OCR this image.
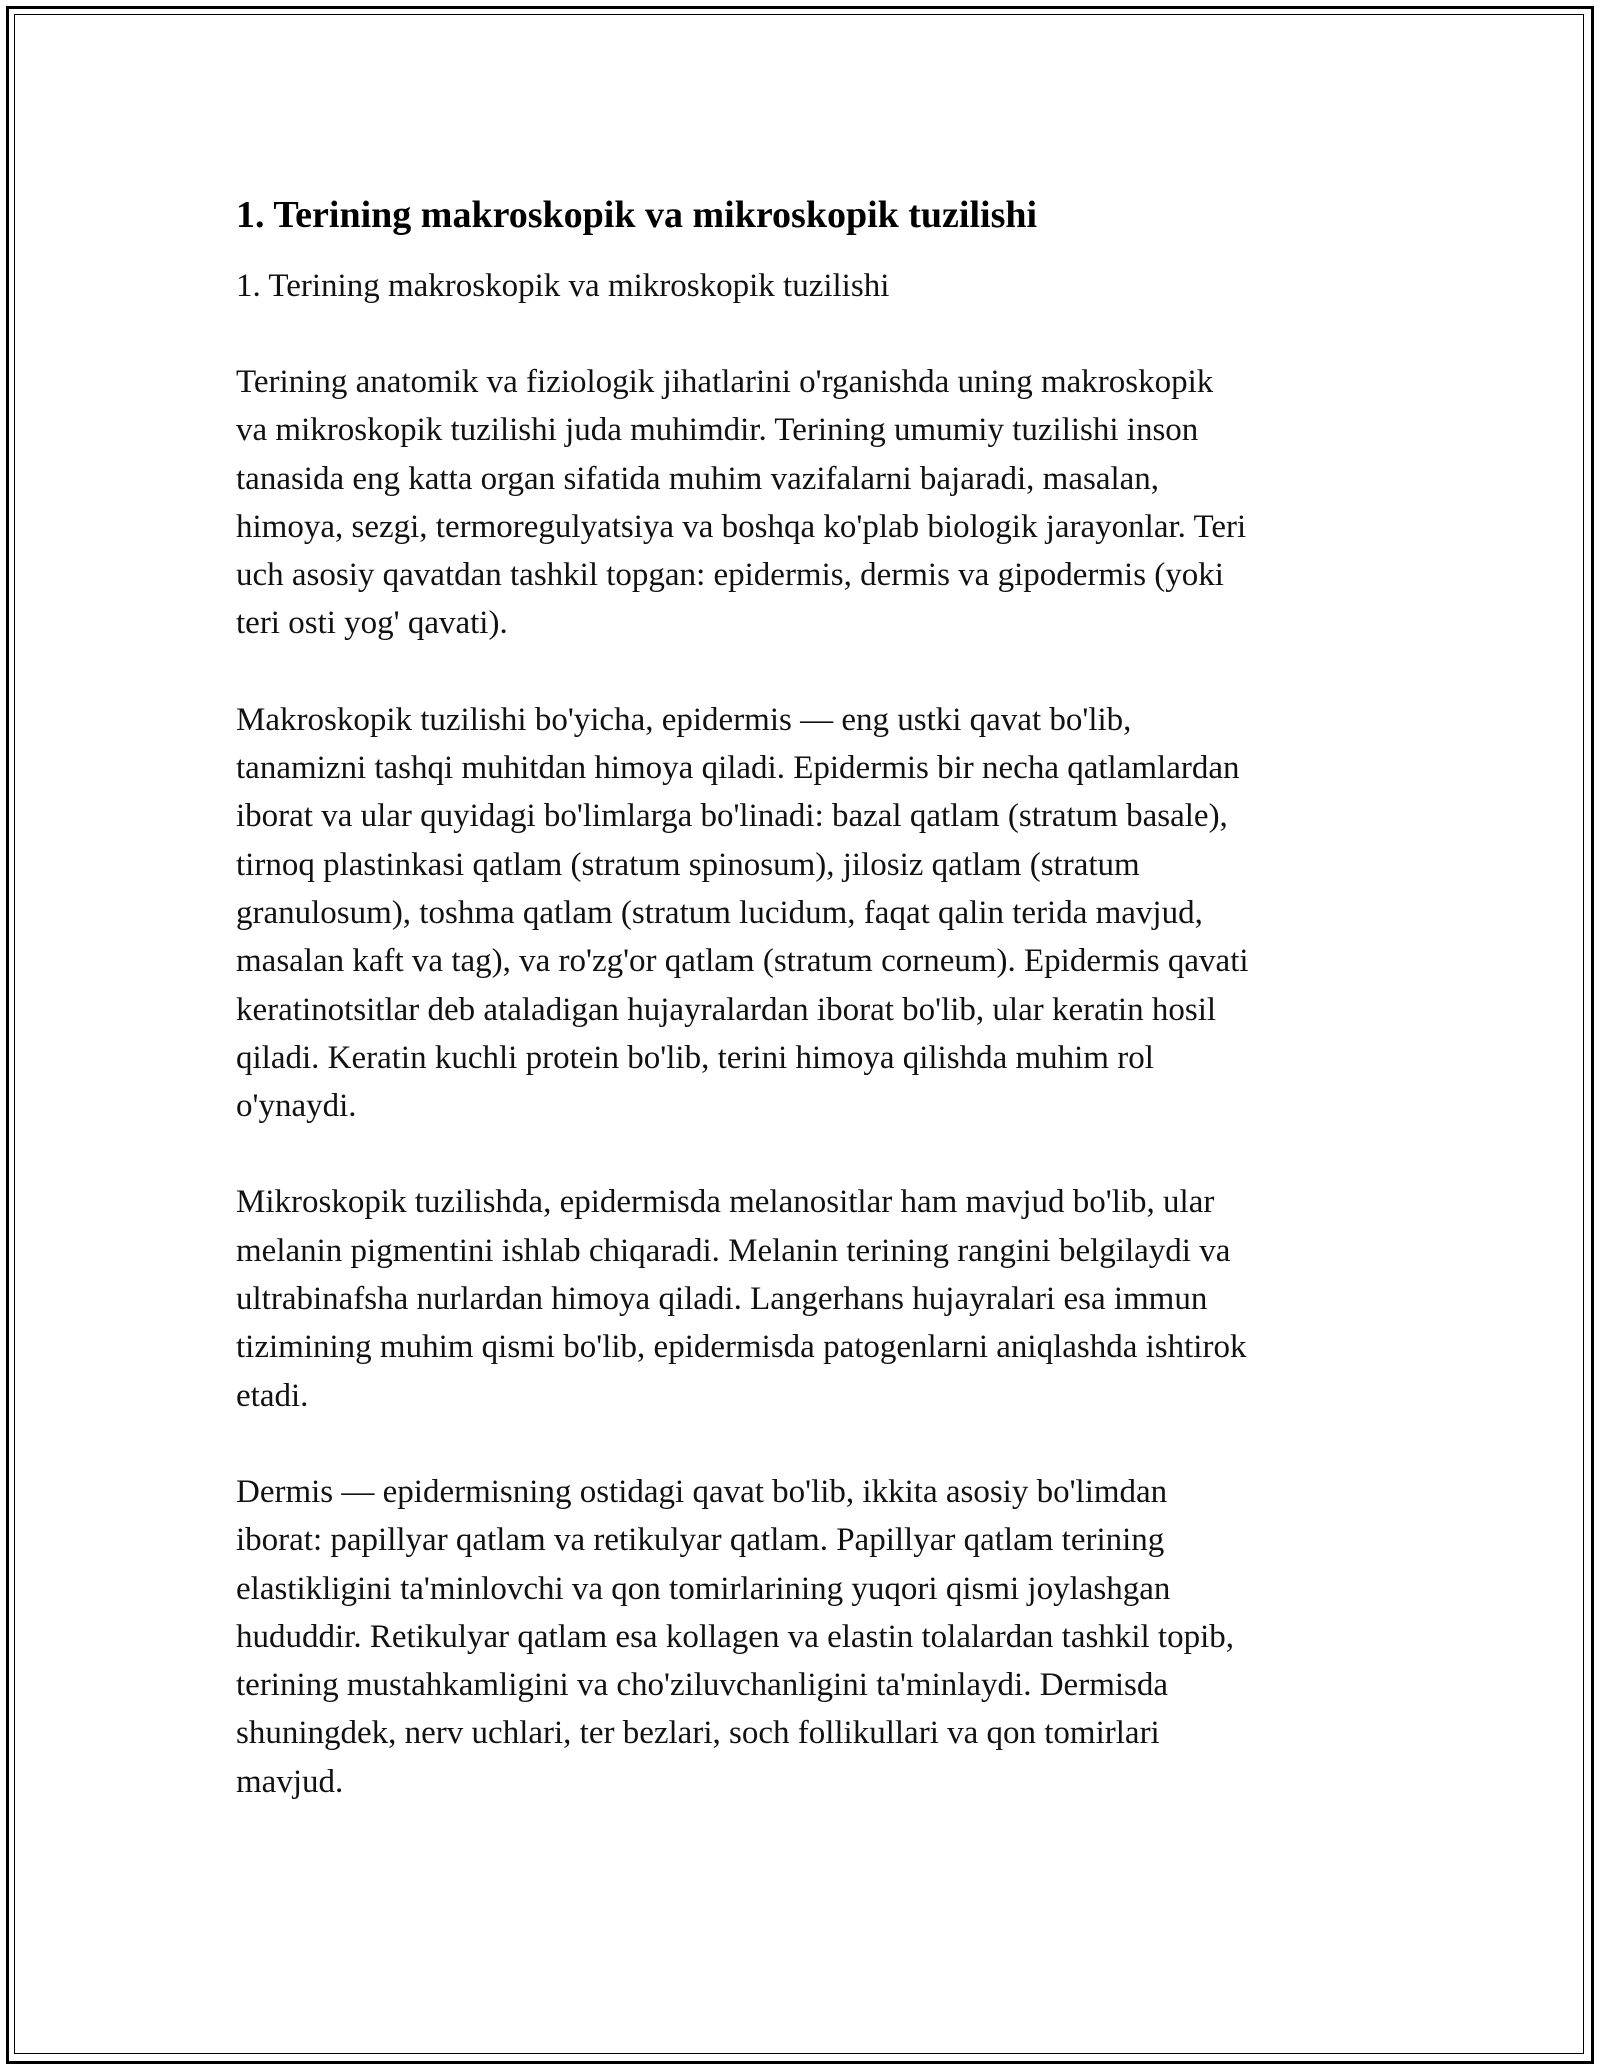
1. Terining makroskopik va mikroskopik tuzilishi

1. Terining makroskopik va mikroskopik tuzilishi

Terining anatomik va fiziologik jihatlarini o'rganishda uning makroskopik
va mikroskopik tuzilishi juda muhimdir. Terining umumiy tuzilishi inson
tanasida eng katta organ sifatida muhim vazifalarni bajaradi, masalan,
himoya, sezgi, termoregulyatsiya va boshqa ko'plab biologik jarayonlar. Teri
uch asosiy qavatdan tashkil topgan: epidermis, dermis va gipodermis (yoki
teri osti yog' qavati).

Makroskopik tuzilishi bo'yicha, epidermis — eng ustki qavat bo'lib,
tanamizni tashqi muhitdan himoya qiladi. Epidermis bir necha qatlamlardan
iborat va ular quyidagi bo'limlarga bo'linadi: bazal qatlam (stratum basale),
tirnoq plastinkasi qatlam (stratum spinosum), jilosiz qatlam (stratum
granulosum), toshma qatlam (stratum lucidum, faqat qalin terida mavjud,
masalan kaft va tag), va ro'zg'or qatlam (stratum corneum). Epidermis qavati
keratinotsitlar deb ataladigan hujayralardan iborat bo'lib, ular keratin hosil
qiladi. Keratin kuchli protein bo'lib, terini himoya qilishda muhim rol
o'ynaydi.

Mikroskopik tuzilishda, epidermisda melanositlar ham mavjud bo'lib, ular
melanin pigmentini ishlab chiqaradi. Melanin terining rangini belgilaydi va
ultrabinafsha nurlardan himoya qiladi. Langerhans hujayralari esa immun
tizimining muhim qismi bo'lib, epidermisda patogenlarni aniqlashda ishtirok
etadi.

Dermis — epidermisning ostidagi qavat bo'lib, ikkita asosiy bo'limdan
iborat: papillyar qatlam va retikulyar qatlam. Papillyar qatlam terining
elastikligini ta'minlovchi va qon tomirlarining yuqori qismi joylashgan
hududdir. Retikulyar qatlam esa kollagen va elastin tolalardan tashkil topib,
terining mustahkamligini va cho'ziluvchanligini ta'minlaydi. Dermisda
shuningdek, nerv uchlari, ter bezlari, soch follikullari va qon tomirlari
mavjud.
